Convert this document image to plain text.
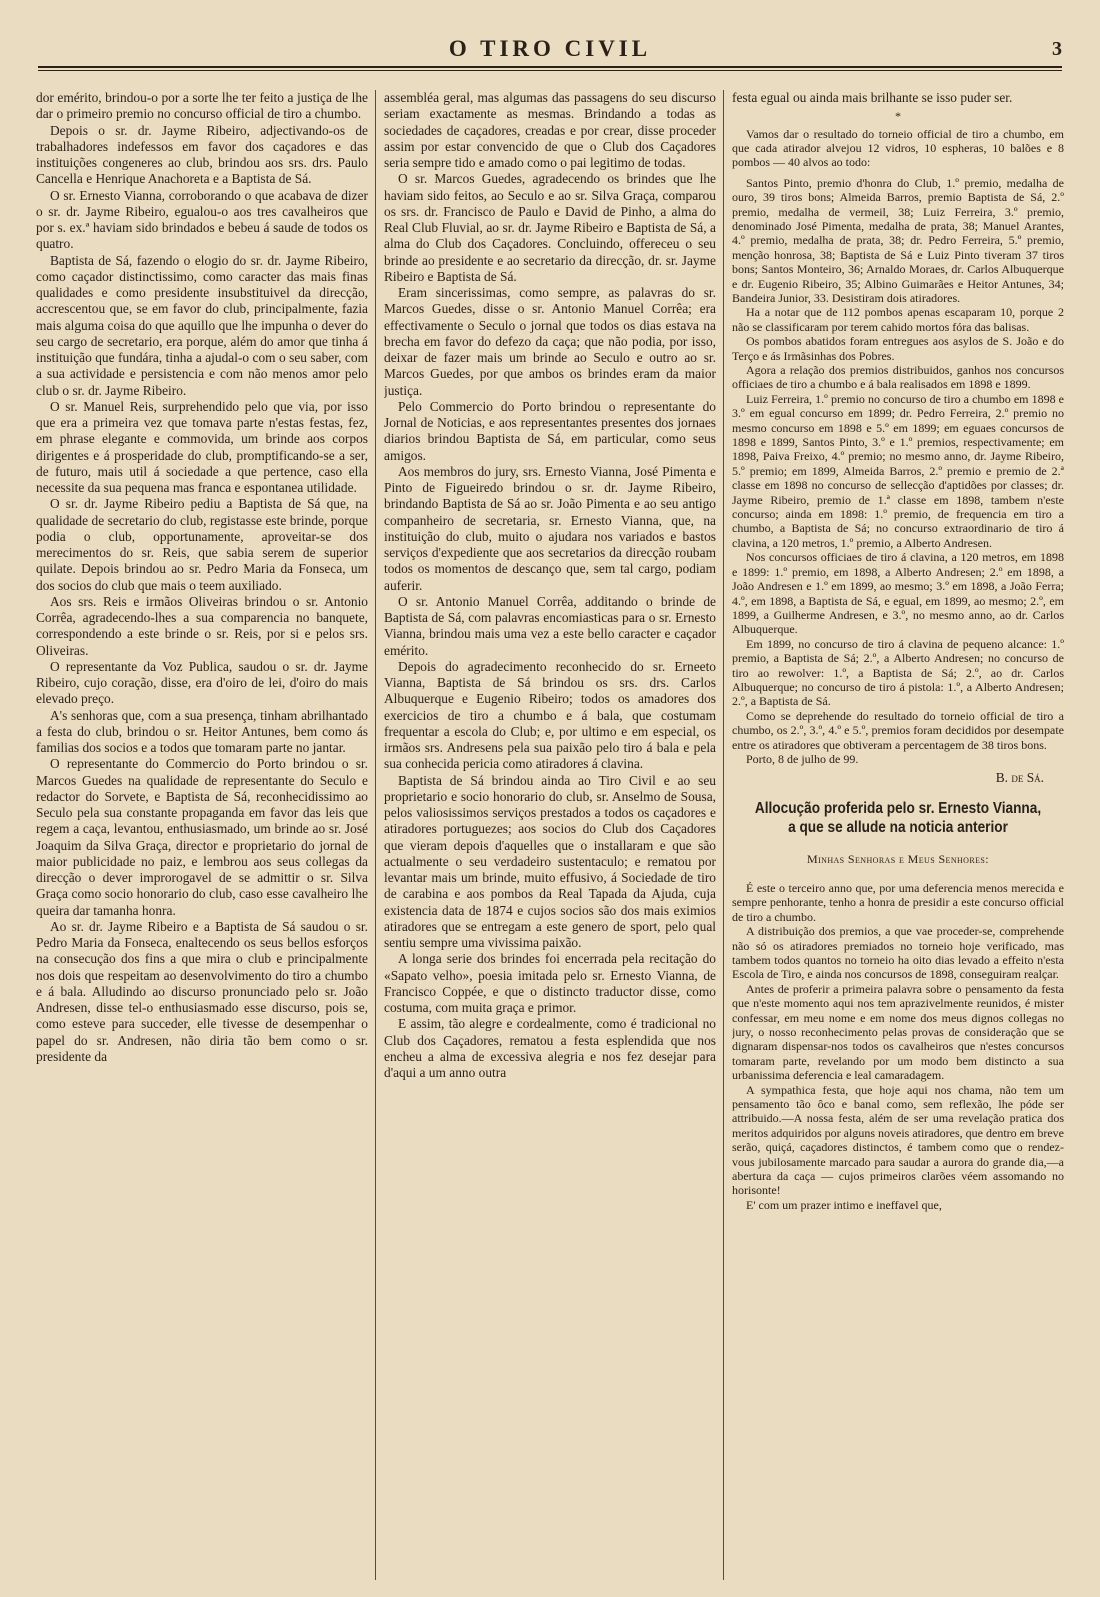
O TIRO CIVIL	3

dor emérito, brindou-o por a sorte lhe ter feito a justiça de lhe dar o primeiro premio no concurso official de tiro a chumbo.

Depois o sr. dr. Jayme Ribeiro, adjectivando-os de trabalhadores indefessos em favor dos caçadores e das instituições congeneres ao club, brindou aos srs. drs. Paulo Cancella e Henrique Anachoreta e a Baptista de Sá.

O sr. Ernesto Vianna, corroborando o que acabava de dizer o sr. dr. Jayme Ribeiro, egualou-o aos tres cavalheiros que por s. ex.ª haviam sido brindados e bebeu á saude de todos os quatro.

Baptista de Sá, fazendo o elogio do sr. dr. Jayme Ribeiro, como caçador distinctissimo, como caracter das mais finas qualidades e como presidente insubstituivel da direcção, accrescentou que, se em favor do club, principalmente, fazia mais alguma coisa do que aquillo que lhe impunha o dever do seu cargo de secretario, era porque, além do amor que tinha á instituição que fundára, tinha a ajudal-o com o seu saber, com a sua actividade e persistencia e com não menos amor pelo club o sr. dr. Jayme Ribeiro.

O sr. Manuel Reis, surprehendido pelo que via, por isso que era a primeira vez que tomava parte n'estas festas, fez, em phrase elegante e commovida, um brinde aos corpos dirigentes e á prosperidade do club, promptificando-se a ser, de futuro, mais util á sociedade a que pertence, caso ella necessite da sua pequena mas franca e espontanea utilidade.

O sr. dr. Jayme Ribeiro pediu a Baptista de Sá que, na qualidade de secretario do club, registasse este brinde, porque podia o club, opportunamente, aproveitar-se dos merecimentos do sr. Reis, que sabia serem de superior quilate. Depois brindou ao sr. Pedro Maria da Fonseca, um dos socios do club que mais o teem auxiliado.

Aos srs. Reis e irmãos Oliveiras brindou o sr. Antonio Corrêa, agradecendo-lhes a sua comparencia no banquete, correspondendo a este brinde o sr. Reis, por si e pelos srs. Oliveiras.

O representante da Voz Publica, saudou o sr. dr. Jayme Ribeiro, cujo coração, disse, era d'oiro de lei, d'oiro do mais elevado preço.

A's senhoras que, com a sua presença, tinham abrilhantado a festa do club, brindou o sr. Heitor Antunes, bem como ás familias dos socios e a todos que tomaram parte no jantar.

O representante do Commercio do Porto brindou o sr. Marcos Guedes na qualidade de representante do Seculo e redactor do Sorvete, e Baptista de Sá, reconhecidissimo ao Seculo pela sua constante propaganda em favor das leis que regem a caça, levantou, enthusiasmado, um brinde ao sr. José Joaquim da Silva Graça, director e proprietario do jornal de maior publicidade no paiz, e lembrou aos seus collegas da direcção o dever improrogavel de se admittir o sr. Silva Graça como socio honorario do club, caso esse cavalheiro lhe queira dar tamanha honra.

Ao sr. dr. Jayme Ribeiro e a Baptista de Sá saudou o sr. Pedro Maria da Fonseca, enaltecendo os seus bellos esforços na consecução dos fins a que mira o club e principalmente nos dois que respeitam ao desenvolvimento do tiro a chumbo e á bala. Alludindo ao discurso pronunciado pelo sr. João Andresen, disse tel-o enthusiasmado esse discurso, pois se, como esteve para succeder, elle tivesse de desempenhar o papel do sr. Andresen, não diria tão bem como o sr. presidente da

assembléa geral, mas algumas das passagens do seu discurso seriam exactamente as mesmas. Brindando a todas as sociedades de caçadores, creadas e por crear, disse proceder assim por estar convencido de que o Club dos Caçadores seria sempre tido e amado como o pai legitimo de todas.

O sr. Marcos Guedes, agradecendo os brindes que lhe haviam sido feitos, ao Seculo e ao sr. Silva Graça, comparou os srs. dr. Francisco de Paulo e David de Pinho, a alma do Real Club Fluvial, ao sr. dr. Jayme Ribeiro e Baptista de Sá, a alma do Club dos Caçadores. Concluindo, offereceu o seu brinde ao presidente e ao secretario da direcção, dr. sr. Jayme Ribeiro e Baptista de Sá.

Eram sincerissimas, como sempre, as palavras do sr. Marcos Guedes, disse o sr. Antonio Manuel Corrêa; era effectivamente o Seculo o jornal que todos os dias estava na brecha em favor do defezo da caça; que não podia, por isso, deixar de fazer mais um brinde ao Seculo e outro ao sr. Marcos Guedes, por que ambos os brindes eram da maior justiça.

Pelo Commercio do Porto brindou o representante do Jornal de Noticias, e aos representantes presentes dos jornaes diarios brindou Baptista de Sá, em particular, como seus amigos.

Aos membros do jury, srs. Ernesto Vianna, José Pimenta e Pinto de Figueiredo brindou o sr. dr. Jayme Ribeiro, brindando Baptista de Sá ao sr. João Pimenta e ao seu antigo companheiro de secretaria, sr. Ernesto Vianna, que, na instituição do club, muito o ajudara nos variados e bastos serviços d'expediente que aos secretarios da direcção roubam todos os momentos de descanço que, sem tal cargo, podiam auferir.

O sr. Antonio Manuel Corrêa, additando o brinde de Baptista de Sá, com palavras encomiasticas para o sr. Ernesto Vianna, brindou mais uma vez a este bello caracter e caçador emérito.

Depois do agradecimento reconhecido do sr. Erneeto Vianna, Baptista de Sá brindou os srs. drs. Carlos Albuquerque e Eugenio Ribeiro; todos os amadores dos exercicios de tiro a chumbo e á bala, que costumam frequentar a escola do Club; e, por ultimo e em especial, os irmãos srs. Andresens pela sua paixão pelo tiro á bala e pela sua conhecida pericia como atiradores á clavina.

Baptista de Sá brindou ainda ao Tiro Civil e ao seu proprietario e socio honorario do club, sr. Anselmo de Sousa, pelos valiosissimos serviços prestados a todos os caçadores e atiradores portuguezes; aos socios do Club dos Caçadores que vieram depois d'aquelles que o installaram e que são actualmente o seu verdadeiro sustentaculo; e rematou por levantar mais um brinde, muito effusivo, á Sociedade de tiro de carabina e aos pombos da Real Tapada da Ajuda, cuja existencia data de 1874 e cujos socios são dos mais eximios atiradores que se entregam a este genero de sport, pelo qual sentiu sempre uma vivissima paixão.

A longa serie dos brindes foi encerrada pela recitação do «Sapato velho», poesia imitada pelo sr. Ernesto Vianna, de Francisco Coppée, e que o distincto traductor disse, como costuma, com muita graça e primor.

E assim, tão alegre e cordealmente, como é tradicional no Club dos Caçadores, rematou a festa esplendida que nos encheu a alma de excessiva alegria e nos fez desejar para d'aqui a um anno outra

festa egual ou ainda mais brilhante se isso puder ser.

*

Vamos dar o resultado do torneio official de tiro a chumbo, em que cada atirador alvejou 12 vidros, 10 espheras, 10 balões e 8 pombos — 40 alvos ao todo:

Santos Pinto, premio d'honra do Club, 1.º premio, medalha de ouro, 39 tiros bons; Almeida Barros, premio Baptista de Sá, 2.º premio, medalha de vermeil, 38; Luiz Ferreira, 3.º premio, denominado José Pimenta, medalha de prata, 38; Manuel Arantes, 4.º premio, medalha de prata, 38; dr. Pedro Ferreira, 5.º premio, menção honrosa, 38; Baptista de Sá e Luiz Pinto tiveram 37 tiros bons; Santos Monteiro, 36; Arnaldo Moraes, dr. Carlos Albuquerque e dr. Eugenio Ribeiro, 35; Albino Guimarães e Heitor Antunes, 34; Bandeira Junior, 33. Desistiram dois atiradores.

Ha a notar que de 112 pombos apenas escaparam 10, porque 2 não se classificaram por terem cahido mortos fóra das balisas.

Os pombos abatidos foram entregues aos asylos de S. João e do Terço e ás Irmãsinhas dos Pobres.

Agora a relação dos premios distribuidos, ganhos nos concursos officiaes de tiro a chumbo e á bala realisados em 1898 e 1899.

Luiz Ferreira, 1.º premio no concurso de tiro a chumbo em 1898 e 3.º em egual concurso em 1899; dr. Pedro Ferreira, 2.º premio no mesmo concurso em 1898 e 5.º em 1899; em eguaes concursos de 1898 e 1899, Santos Pinto, 3.º e 1.º premios, respectivamente; em 1898, Paiva Freixo, 4.º premio; no mesmo anno, dr. Jayme Ribeiro, 5.º premio; em 1899, Almeida Barros, 2.º premio e premio de 2.ª classe em 1898 no concurso de sellecção d'aptidões por classes; dr. Jayme Ribeiro, premio de 1.ª classe em 1898, tambem n'este concurso; ainda em 1898: 1.º premio, de frequencia em tiro a chumbo, a Baptista de Sá; no concurso extraordinario de tiro á clavina, a 120 metros, 1.º premio, a Alberto Andresen.

Nos concursos officiaes de tiro á clavina, a 120 metros, em 1898 e 1899: 1.º premio, em 1898, a Alberto Andresen; 2.º em 1898, a João Andresen e 1.º em 1899, ao mesmo; 3.º em 1898, a João Ferra; 4.º, em 1898, a Baptista de Sá, e egual, em 1899, ao mesmo; 2.º, em 1899, a Guilherme Andresen, e 3.º, no mesmo anno, ao dr. Carlos Albuquerque.

Em 1899, no concurso de tiro á clavina de pequeno alcance: 1.º premio, a Baptista de Sá; 2.º, a Alberto Andresen; no concurso de tiro ao rewolver: 1.º, a Baptista de Sá; 2.º, ao dr. Carlos Albuquerque; no concurso de tiro á pistola: 1.º, a Alberto Andresen; 2.º, a Baptista de Sá.

Como se deprehende do resultado do torneio official de tiro a chumbo, os 2.º, 3.º, 4.º e 5.º, premios foram decididos por desempate entre os atiradores que obtiveram a percentagem de 38 tiros bons.

Porto, 8 de julho de 99.

B. de Sá.
Allocução proferida pelo sr. Ernesto Vianna,
a que se allude na noticia anterior
Minhas Senhoras e Meus Senhores:

É este o terceiro anno que, por uma deferencia menos merecida e sempre penhorante, tenho a honra de presidir a este concurso official de tiro a chumbo.

A distribuição dos premios, a que vae proceder-se, comprehende não só os atiradores premiados no torneio hoje verificado, mas tambem todos quantos no torneio ha oito dias levado a effeito n'esta Escola de Tiro, e ainda nos concursos de 1898, conseguiram realçar.

Antes de proferir a primeira palavra sobre o pensamento da festa que n'este momento aqui nos tem aprazivelmente reunidos, é mister confessar, em meu nome e em nome dos meus dignos collegas no jury, o nosso reconhecimento pelas provas de consideração que se dignaram dispensar-nos todos os cavalheiros que n'estes concursos tomaram parte, revelando por um modo bem distincto a sua urbanissima deferencia e leal camaradagem.

A sympathica festa, que hoje aqui nos chama, não tem um pensamento tão ôco e banal como, sem reflexão, lhe póde ser attribuido.—A nossa festa, além de ser uma revelação pratica dos meritos adquiridos por alguns noveis atiradores, que dentro em breve serão, quiçá, caçadores distinctos, é tambem como que o rendez-vous jubilosamente marcado para saudar a aurora do grande dia,—a abertura da caça — cujos primeiros clarões véem assomando no horisonte!

E' com um prazer intimo e ineffavel que,
